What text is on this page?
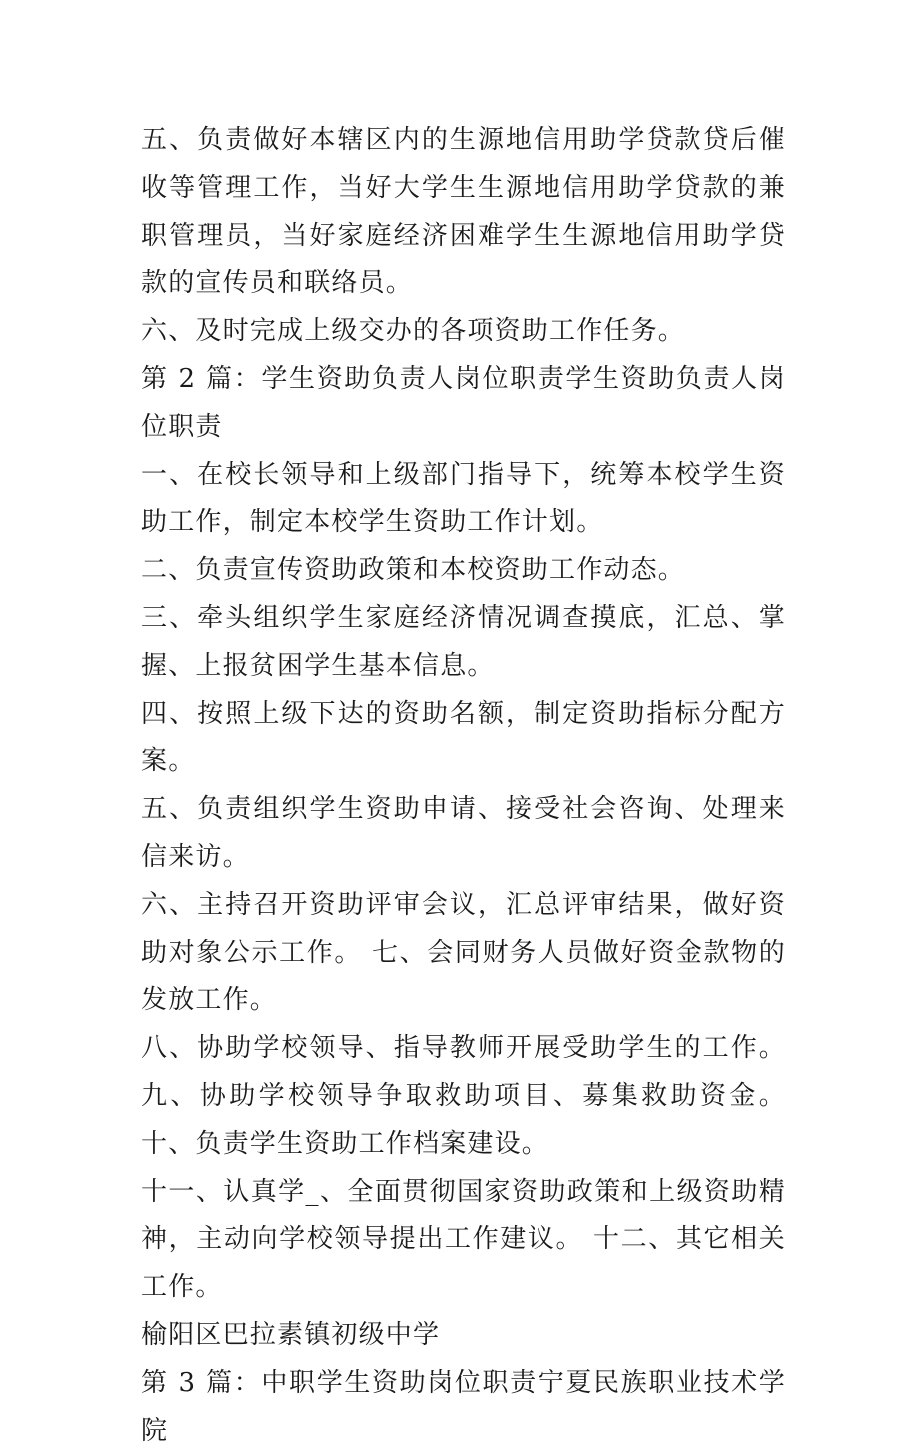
五、负责做好本辖区内的生源地信用助学贷款贷后催收等管理工作，当好大学生生源地信用助学贷款的兼职管理员，当好家庭经济困难学生生源地信用助学贷款的宣传员和联络员。

六、及时完成上级交办的各项资助工作任务。

第 2 篇：学生资助负责人岗位职责学生资助负责人岗位职责

一、在校长领导和上级部门指导下，统筹本校学生资助工作，制定本校学生资助工作计划。

二、负责宣传资助政策和本校资助工作动态。

三、牵头组织学生家庭经济情况调查摸底，汇总、掌握、上报贫困学生基本信息。

四、按照上级下达的资助名额，制定资助指标分配方案。

五、负责组织学生资助申请、接受社会咨询、处理来信来访。

六、主持召开资助评审会议，汇总评审结果，做好资助对象公示工作。 七、会同财务人员做好资金款物的发放工作。

八、协助学校领导、指导教师开展受助学生的工作。 九、协助学校领导争取救助项目、募集救助资金。 十、负责学生资助工作档案建设。

十一、认真学_、全面贯彻国家资助政策和上级资助精神，主动向学校领导提出工作建议。 十二、其它相关工作。

榆阳区巴拉素镇初级中学

第 3 篇：中职学生资助岗位职责宁夏民族职业技术学院
